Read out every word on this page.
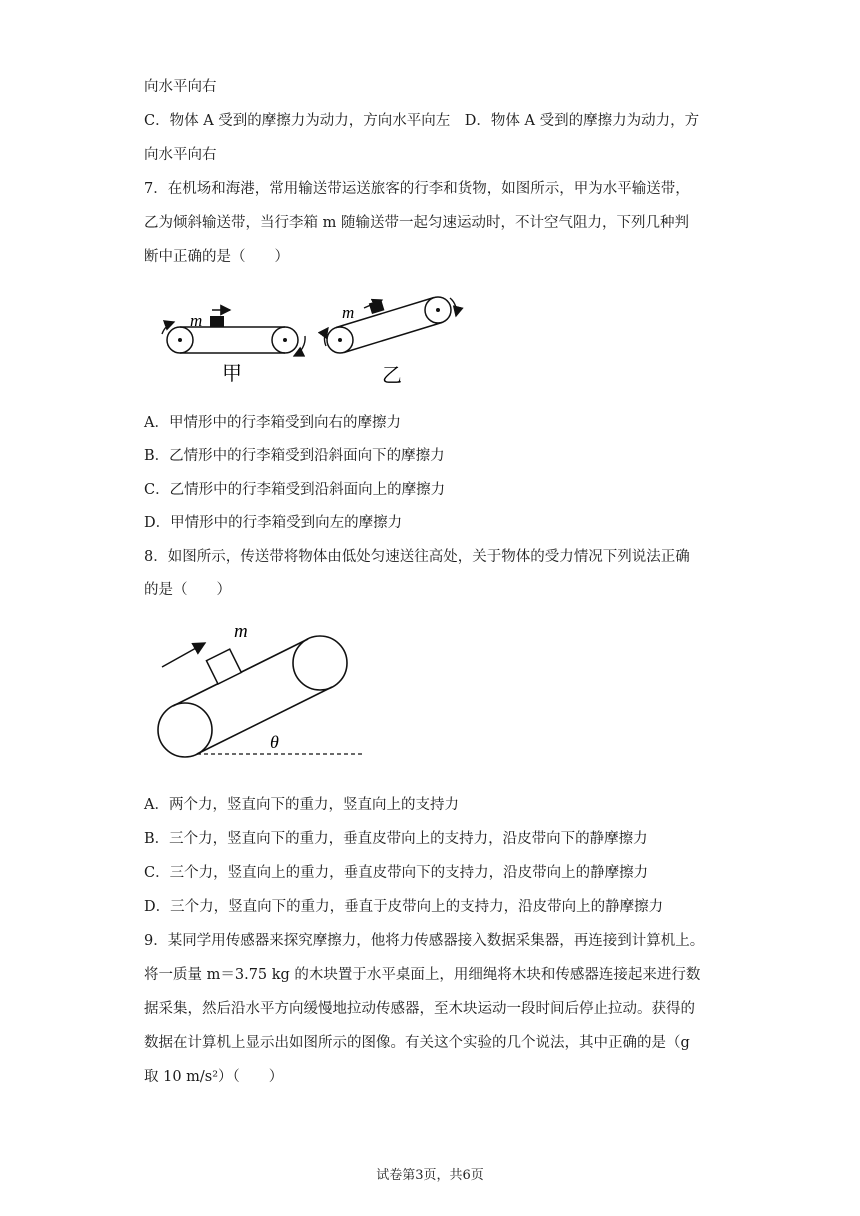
向水平向右
C．物体 A 受到的摩擦力为动力，方向水平向左　D．物体 A 受到的摩擦力为动力，方
向水平向右
7．在机场和海港，常用输送带运送旅客的行李和货物，如图所示，甲为水平输送带，
乙为倾斜输送带，当行李箱 m 随输送带一起匀速运动时，不计空气阻力，下列几种判
断中正确的是（　　）
m
甲
m
乙
A．甲情形中的行李箱受到向右的摩擦力
B．乙情形中的行李箱受到沿斜面向下的摩擦力
C．乙情形中的行李箱受到沿斜面向上的摩擦力
D．甲情形中的行李箱受到向左的摩擦力
8．如图所示，传送带将物体由低处匀速送往高处，关于物体的受力情况下列说法正确
的是（　　）
m
θ
A．两个力，竖直向下的重力，竖直向上的支持力
B．三个力，竖直向下的重力，垂直皮带向上的支持力，沿皮带向下的静摩擦力
C．三个力，竖直向上的重力，垂直皮带向下的支持力，沿皮带向上的静摩擦力
D．三个力，竖直向下的重力，垂直于皮带向上的支持力，沿皮带向上的静摩擦力
9．某同学用传感器来探究摩擦力，他将力传感器接入数据采集器，再连接到计算机上。
将一质量 m＝3.75 kg 的木块置于水平桌面上，用细绳将木块和传感器连接起来进行数
据采集，然后沿水平方向缓慢地拉动传感器，至木块运动一段时间后停止拉动。获得的
数据在计算机上显示出如图所示的图像。有关这个实验的几个说法，其中正确的是（g
取 10 m/s²）（　　）
试卷第3页，共6页
